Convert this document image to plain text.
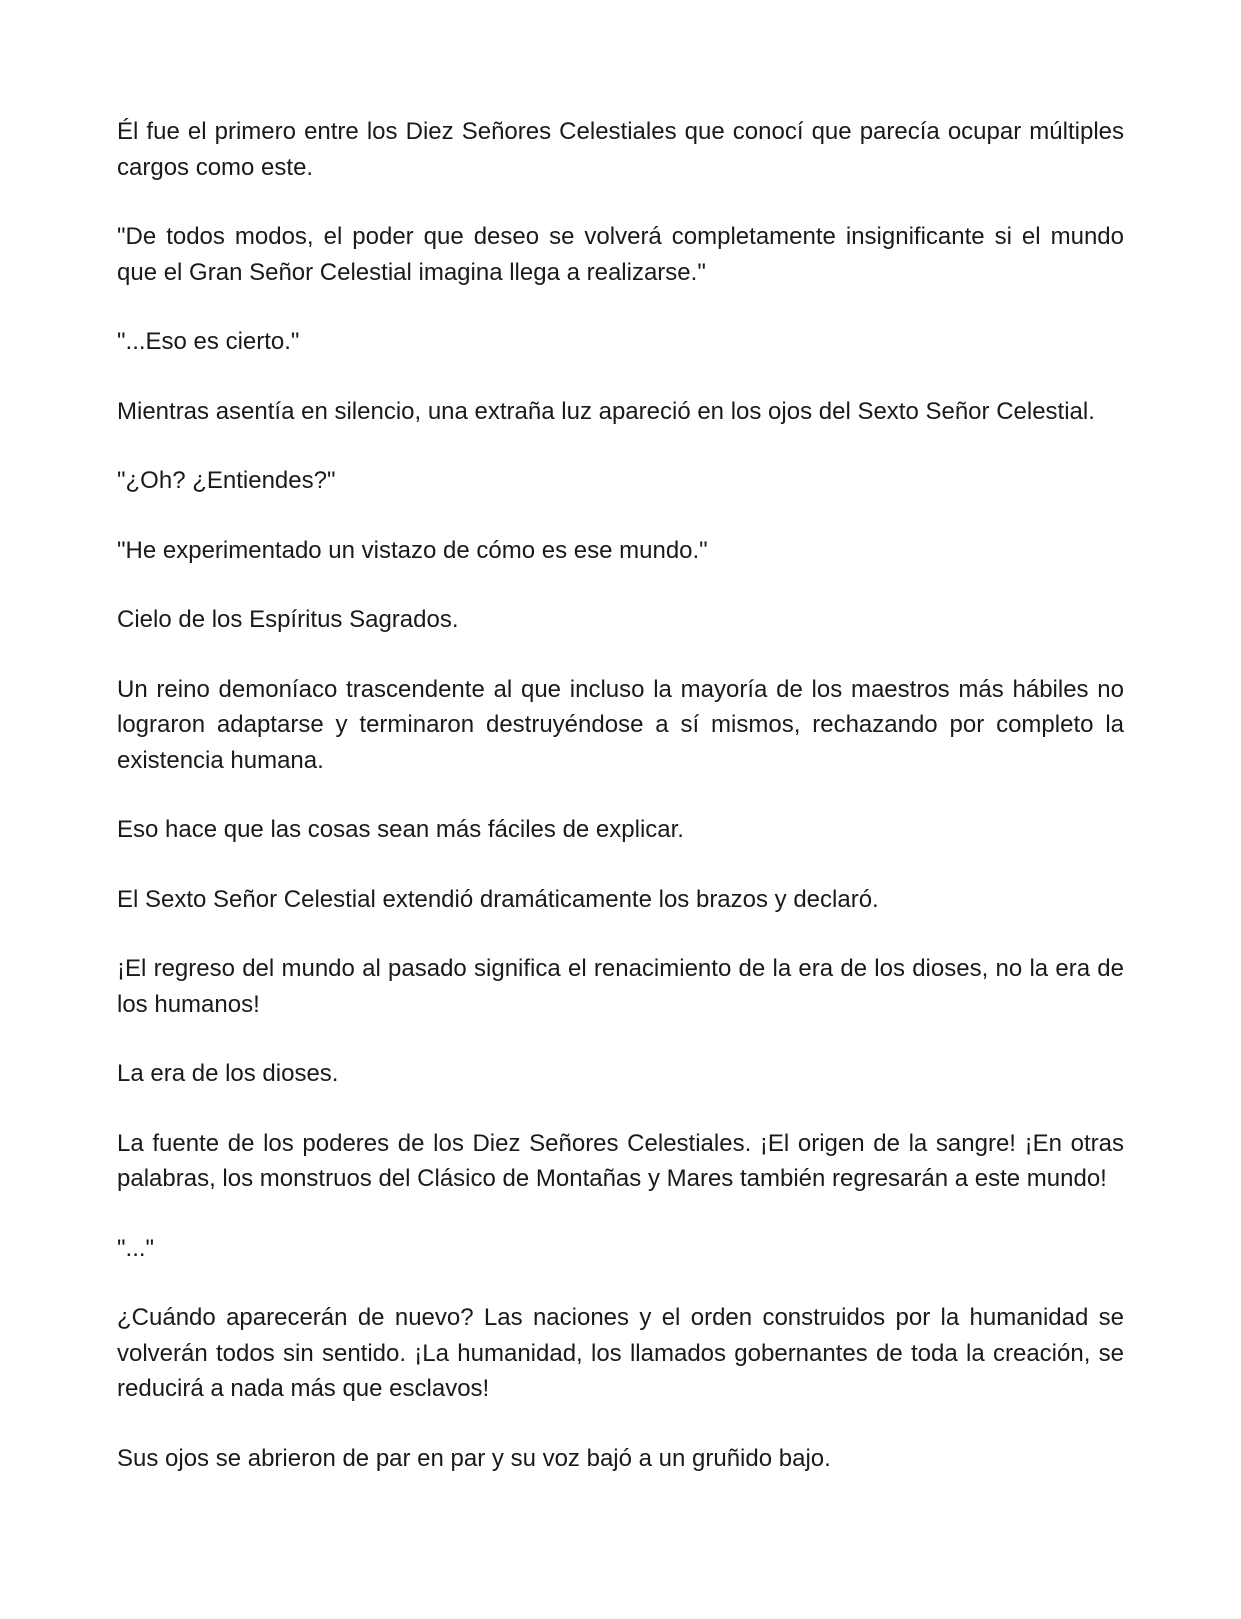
Él fue el primero entre los Diez Señores Celestiales que conocí que parecía ocupar múltiples cargos como este.

"De todos modos, el poder que deseo se volverá completamente insignificante si el mundo que el Gran Señor Celestial imagina llega a realizarse."

"...Eso es cierto."

Mientras asentía en silencio, una extraña luz apareció en los ojos del Sexto Señor Celestial.

"¿Oh? ¿Entiendes?"

"He experimentado un vistazo de cómo es ese mundo."

Cielo de los Espíritus Sagrados.

Un reino demoníaco trascendente al que incluso la mayoría de los maestros más hábiles no lograron adaptarse y terminaron destruyéndose a sí mismos, rechazando por completo la existencia humana.

Eso hace que las cosas sean más fáciles de explicar.

El Sexto Señor Celestial extendió dramáticamente los brazos y declaró.

¡El regreso del mundo al pasado significa el renacimiento de la era de los dioses, no la era de los humanos!

La era de los dioses.

La fuente de los poderes de los Diez Señores Celestiales. ¡El origen de la sangre! ¡En otras palabras, los monstruos del Clásico de Montañas y Mares también regresarán a este mundo!

"..."

¿Cuándo aparecerán de nuevo? Las naciones y el orden construidos por la humanidad se volverán todos sin sentido. ¡La humanidad, los llamados gobernantes de toda la creación, se reducirá a nada más que esclavos!

Sus ojos se abrieron de par en par y su voz bajó a un gruñido bajo.
